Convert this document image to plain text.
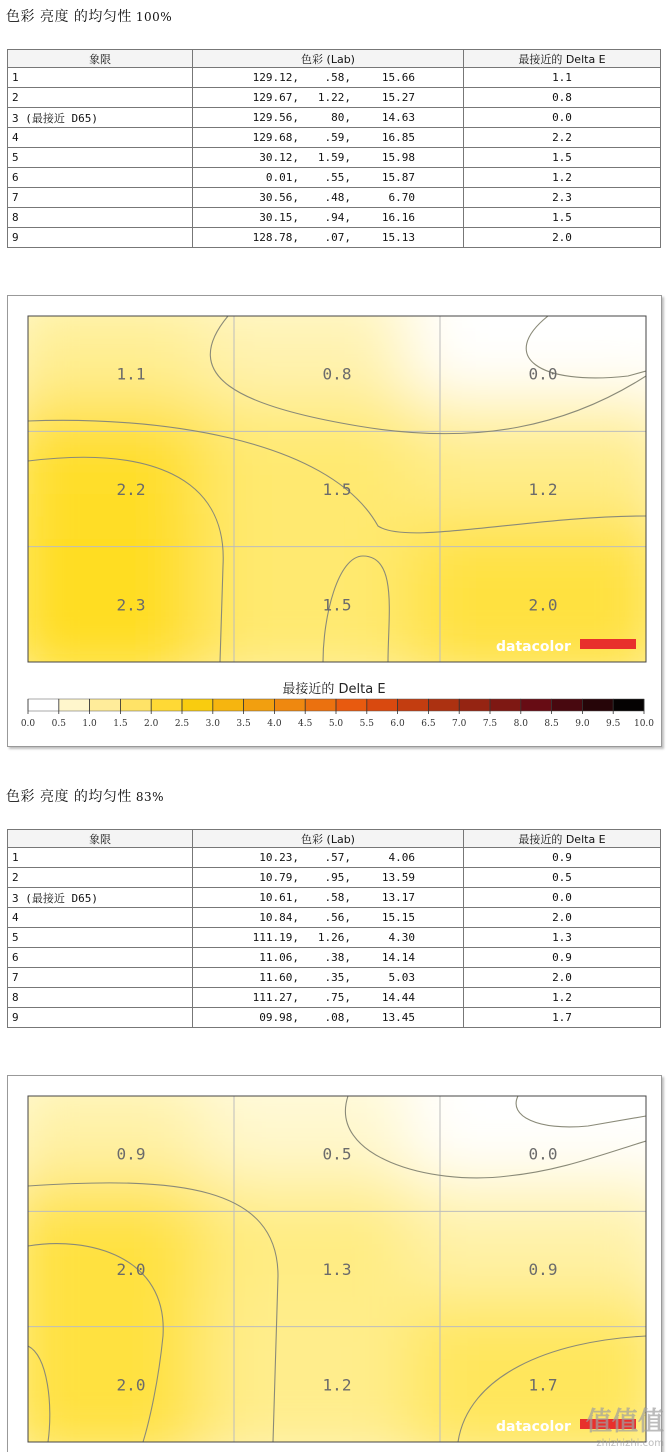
色彩 亮度 的均匀性 100%
象限	色彩 (Lab)	最接近的 Delta E
1	129.12, .58, 15.66	1.1
2	129.67, 1.22, 15.27	0.8
3 (最接近 D65)	129.56, 80, 14.63	0.0
4	129.68, .59, 16.85	2.2
5	30.12, 1.59, 15.98	1.5
6	0.01, .55, 15.87	1.2
7	30.56, .48, 6.70	2.3
8	30.15, .94, 16.16	1.5
9	128.78, .07, 15.13	2.0
1.1	0.8	0.0
2.2	1.5	1.2
2.3	1.5	2.0
datacolor
最接近的 Delta E
0.0 0.5 1.0 1.5 2.0 2.5 3.0 3.5 4.0 4.5 5.0 5.5 6.0 6.5 7.0 7.5 8.0 8.5 9.0 9.5 10.0
色彩 亮度 的均匀性 83%
象限	色彩 (Lab)	最接近的 Delta E
1	10.23, .57, 4.06	0.9
2	10.79, .95, 13.59	0.5
3 (最接近 D65)	10.61, .58, 13.17	0.0
4	10.84, .56, 15.15	2.0
5	111.19, 1.26, 4.30	1.3
6	11.06, .38, 14.14	0.9
7	11.60, .35, 5.03	2.0
8	111.27, .75, 14.44	1.2
9	09.98, .08, 13.45	1.7
0.9	0.5	0.0
2.0	1.3	0.9
2.0	1.2	1.7
datacolor 值值值
zhizhizhi.com
